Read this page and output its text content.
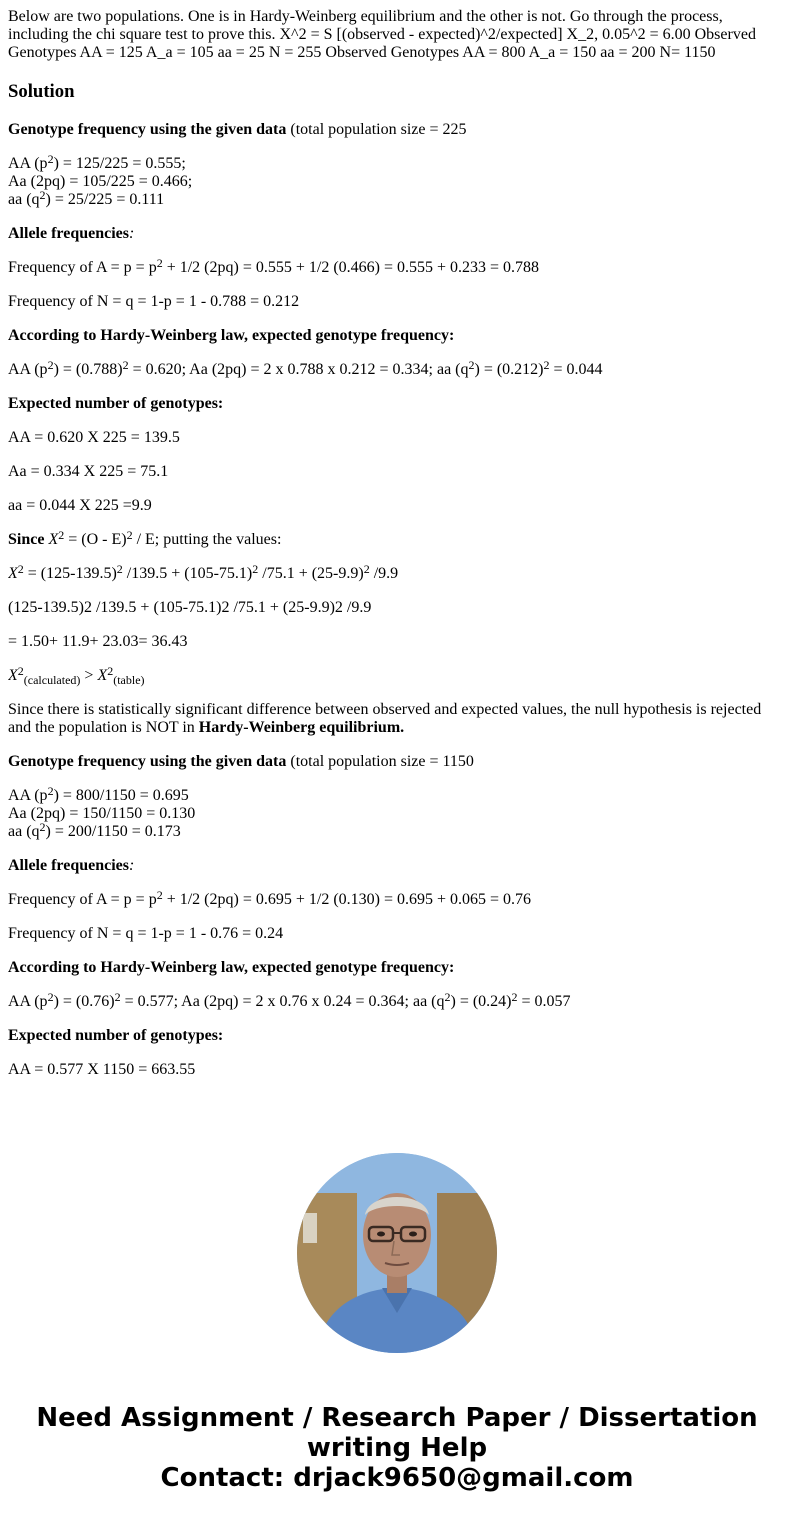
Below are two populations. One is in Hardy-Weinberg equilibrium and the other is not. Go through the process, including the chi square test to prove this. X^2 = S [(observed - expected)^2/expected] X_2, 0.05^2 = 6.00 Observed Genotypes AA = 125 A_a = 105 aa = 25 N = 255 Observed Genotypes AA = 800 A_a = 150 aa = 200 N= 1150

Solution

Genotype frequency using the given data (total population size = 225

AA $(p^2) = 125/225 = 0.555$;
Aa (2pq) = 105/225 = 0.466;
aa $(q^2) = 25/225 = 0.111$

Allele frequencies:

Frequency of $A = p = p^2 + 1/2$ (2pq) = 0.555 + 1/2 (0.466) = 0.555 + 0.233 = 0.788

Frequency of N = q = 1-p = 1 - 0.788 = 0.212

According to Hardy-Weinberg law, expected genotype frequency:

AA $(p^2) = (0.788)^2 = 0.620$; Aa (2pq) = 2 x 0.788 x 0.212 = 0.334; aa $(q^2) = (0.212)^2 = 0.044$

Expected number of genotypes:

AA = 0.620 X 225 = 139.5

Aa = 0.334 X 225 = 75.1

aa = 0.044 X 225 =9.9

Since $X^2 = (O - E)^2 / E$; putting the values:

$X^2 = (125-139.5)^2$ $/139.5 + (105-75.1)^2$ $/75.1 + (25-9.9)^2$ /9.9

(125-139.5)2 /139.5 + (105-75.1)2 /75.1 + (25-9.9)2 /9.9

= 1.50+ 11.9+ 23.03= 36.43

$X^2_{(calculated)} > X^2_{(table)}$

Since there is statistically significant difference between observed and expected values, the null hypothesis is rejected and the population is NOT in Hardy-Weinberg equilibrium.

Genotype frequency using the given data (total population size = 1150

AA $(p^2) = 800/1150 = 0.695$
Aa (2pq) = 150/1150 = 0.130
aa $(q^2) = 200/1150 = 0.173$

Allele frequencies:

Frequency of $A = p = p^2 + 1/2$ (2pq) = 0.695 + 1/2 (0.130) = 0.695 + 0.065 = 0.76

Frequency of N = q = 1-p = 1 - 0.76 = 0.24

According to Hardy-Weinberg law, expected genotype frequency:

AA $(p^2) = (0.76)^2 = 0.577$; Aa (2pq) = 2 x 0.76 x 0.24 = 0.364; aa $(q^2) = (0.24)^2 = 0.057$

Expected number of genotypes:

AA = 0.577 X 1150 = 663.55

Need Assignment / Research Paper / Dissertation
writing Help
Contact: drjack9650@gmail.com
